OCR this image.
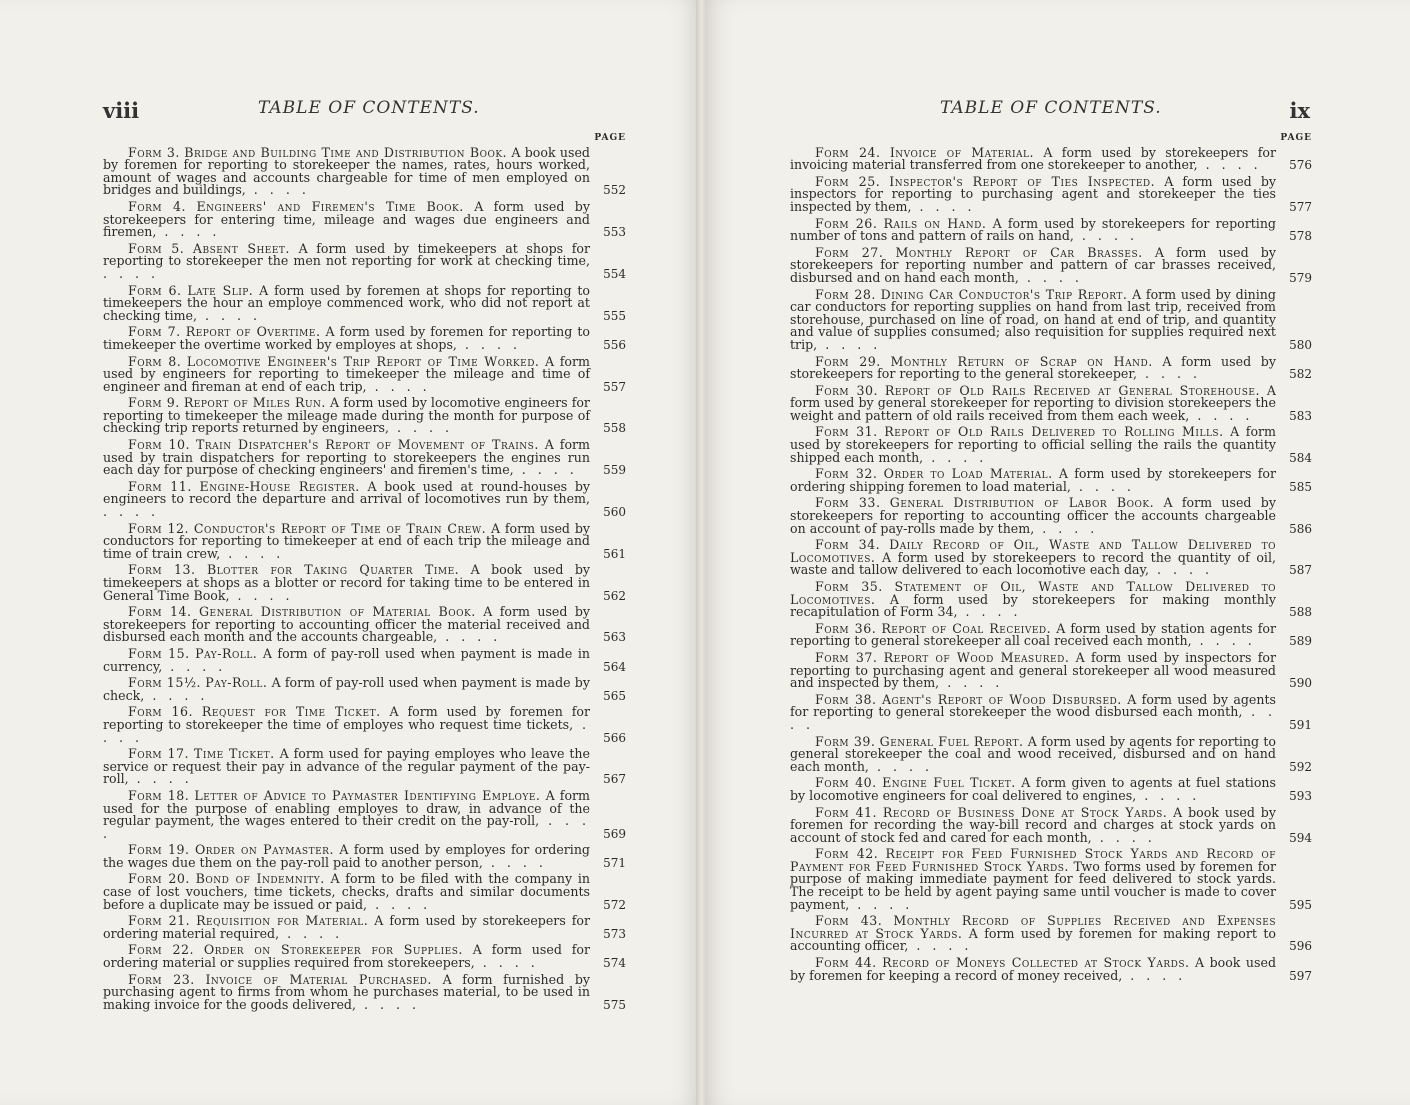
viii	TABLE OF CONTENTS.
PAGE
Form 3. Bridge and Building Time and Distribution Book. A book used by foremen for reporting to storekeeper the names, rates, hours worked, amount of wages and accounts chargeable for time of men employed on bridges and buildings, . . . .	552
Form 4. Engineers' and Firemen's Time Book. A form used by storekeepers for entering time, mileage and wages due engineers and firemen, . . . .	553
Form 5. Absent Sheet. A form used by timekeepers at shops for reporting to storekeeper the men not reporting for work at checking time, . . . .	554
Form 6. Late Slip. A form used by foremen at shops for reporting to timekeepers the hour an employe commenced work, who did not report at checking time, . . . .	555
Form 7. Report of Overtime. A form used by foremen for reporting to timekeeper the overtime worked by employes at shops, . . . .	556
Form 8. Locomotive Engineer's Trip Report of Time Worked. A form used by engineers for reporting to timekeeper the mileage and time of engineer and fireman at end of each trip, . . . .	557
Form 9. Report of Miles Run. A form used by locomotive engineers for reporting to timekeeper the mileage made during the month for purpose of checking trip reports returned by engineers, . . . .	558
Form 10. Train Dispatcher's Report of Movement of Trains. A form used by train dispatchers for reporting to storekeepers the engines run each day for purpose of checking engineers' and firemen's time, . . . .	559
Form 11. Engine-House Register. A book used at round-houses by engineers to record the departure and arrival of locomotives run by them, . . . .	560
Form 12. Conductor's Report of Time of Train Crew. A form used by conductors for reporting to timekeeper at end of each trip the mileage and time of train crew, . . . .	561
Form 13. Blotter for Taking Quarter Time. A book used by timekeepers at shops as a blotter or record for taking time to be entered in General Time Book, . . . .	562
Form 14. General Distribution of Material Book. A form used by storekeepers for reporting to accounting officer the material received and disbursed each month and the accounts chargeable, . . . .	563
Form 15. Pay-Roll. A form of pay-roll used when payment is made in currency, . . . .	564
Form 15½. Pay-Roll. A form of pay-roll used when payment is made by check, . . . .	565
Form 16. Request for Time Ticket. A form used by foremen for reporting to storekeeper the time of employes who request time tickets, . . . .	566
Form 17. Time Ticket. A form used for paying employes who leave the service or request their pay in advance of the regular payment of the pay-roll, . . . .	567
Form 18. Letter of Advice to Paymaster Identifying Employe. A form used for the purpose of enabling employes to draw, in advance of the regular payment, the wages entered to their credit on the pay-roll, . . . .	569
Form 19. Order on Paymaster. A form used by employes for ordering the wages due them on the pay-roll paid to another person, . . . .	571
Form 20. Bond of Indemnity. A form to be filed with the company in case of lost vouchers, time tickets, checks, drafts and similar documents before a duplicate may be issued or paid, . . . .	572
Form 21. Requisition for Material. A form used by storekeepers for ordering material required, . . . .	573
Form 22. Order on Storekeeper for Supplies. A form used for ordering material or supplies required from storekeepers, . . . .	574
Form 23. Invoice of Material Purchased. A form furnished by purchasing agent to firms from whom he purchases material, to be used in making invoice for the goods delivered, . . . .	575
TABLE OF CONTENTS.	ix
PAGE
Form 24. Invoice of Material. A form used by storekeepers for invoicing material transferred from one storekeeper to another, . . . .	576
Form 25. Inspector's Report of Ties Inspected. A form used by inspectors for reporting to purchasing agent and storekeeper the ties inspected by them, . . . .	577
Form 26. Rails on Hand. A form used by storekeepers for reporting number of tons and pattern of rails on hand, . . . .	578
Form 27. Monthly Report of Car Brasses. A form used by storekeepers for reporting number and pattern of car brasses received, disbursed and on hand each month, . . . .	579
Form 28. Dining Car Conductor's Trip Report. A form used by dining car conductors for reporting supplies on hand from last trip, received from storehouse, purchased on line of road, on hand at end of trip, and quantity and value of supplies consumed; also requisition for supplies required next trip, . . . .	580
Form 29. Monthly Return of Scrap on Hand. A form used by storekeepers for reporting to the general storekeeper, . . . .	582
Form 30. Report of Old Rails Received at General Storehouse. A form used by general storekeeper for reporting to division storekeepers the weight and pattern of old rails received from them each week, . . . .	583
Form 31. Report of Old Rails Delivered to Rolling Mills. A form used by storekeepers for reporting to official selling the rails the quantity shipped each month, . . . .	584
Form 32. Order to Load Material. A form used by storekeepers for ordering shipping foremen to load material, . . . .	585
Form 33. General Distribution of Labor Book. A form used by storekeepers for reporting to accounting officer the accounts chargeable on account of pay-rolls made by them, . . . .	586
Form 34. Daily Record of Oil, Waste and Tallow Delivered to Locomotives. A form used by storekeepers to record the quantity of oil, waste and tallow delivered to each locomotive each day, . . . .	587
Form 35. Statement of Oil, Waste and Tallow Delivered to Locomotives. A form used by storekeepers for making monthly recapitulation of Form 34, . . . .	588
Form 36. Report of Coal Received. A form used by station agents for reporting to general storekeeper all coal received each month, . . . .	589
Form 37. Report of Wood Measured. A form used by inspectors for reporting to purchasing agent and general storekeeper all wood measured and inspected by them, . . . .	590
Form 38. Agent's Report of Wood Disbursed. A form used by agents for reporting to general storekeeper the wood disbursed each month, . . . .	591
Form 39. General Fuel Report. A form used by agents for reporting to general storekeeper the coal and wood received, disbursed and on hand each month, . . . .	592
Form 40. Engine Fuel Ticket. A form given to agents at fuel stations by locomotive engineers for coal delivered to engines, . . . .	593
Form 41. Record of Business Done at Stock Yards. A book used by foremen for recording the way-bill record and charges at stock yards on account of stock fed and cared for each month, . . . .	594
Form 42. Receipt for Feed Furnished Stock Yards and Record of Payment for Feed Furnished Stock Yards. Two forms used by foremen for purpose of making immediate payment for feed delivered to stock yards. The receipt to be held by agent paying same until voucher is made to cover payment, . . . .	595
Form 43. Monthly Record of Supplies Received and Expenses Incurred at Stock Yards. A form used by foremen for making report to accounting officer, . . . .	596
Form 44. Record of Moneys Collected at Stock Yards. A book used by foremen for keeping a record of money received, . . . .	597
